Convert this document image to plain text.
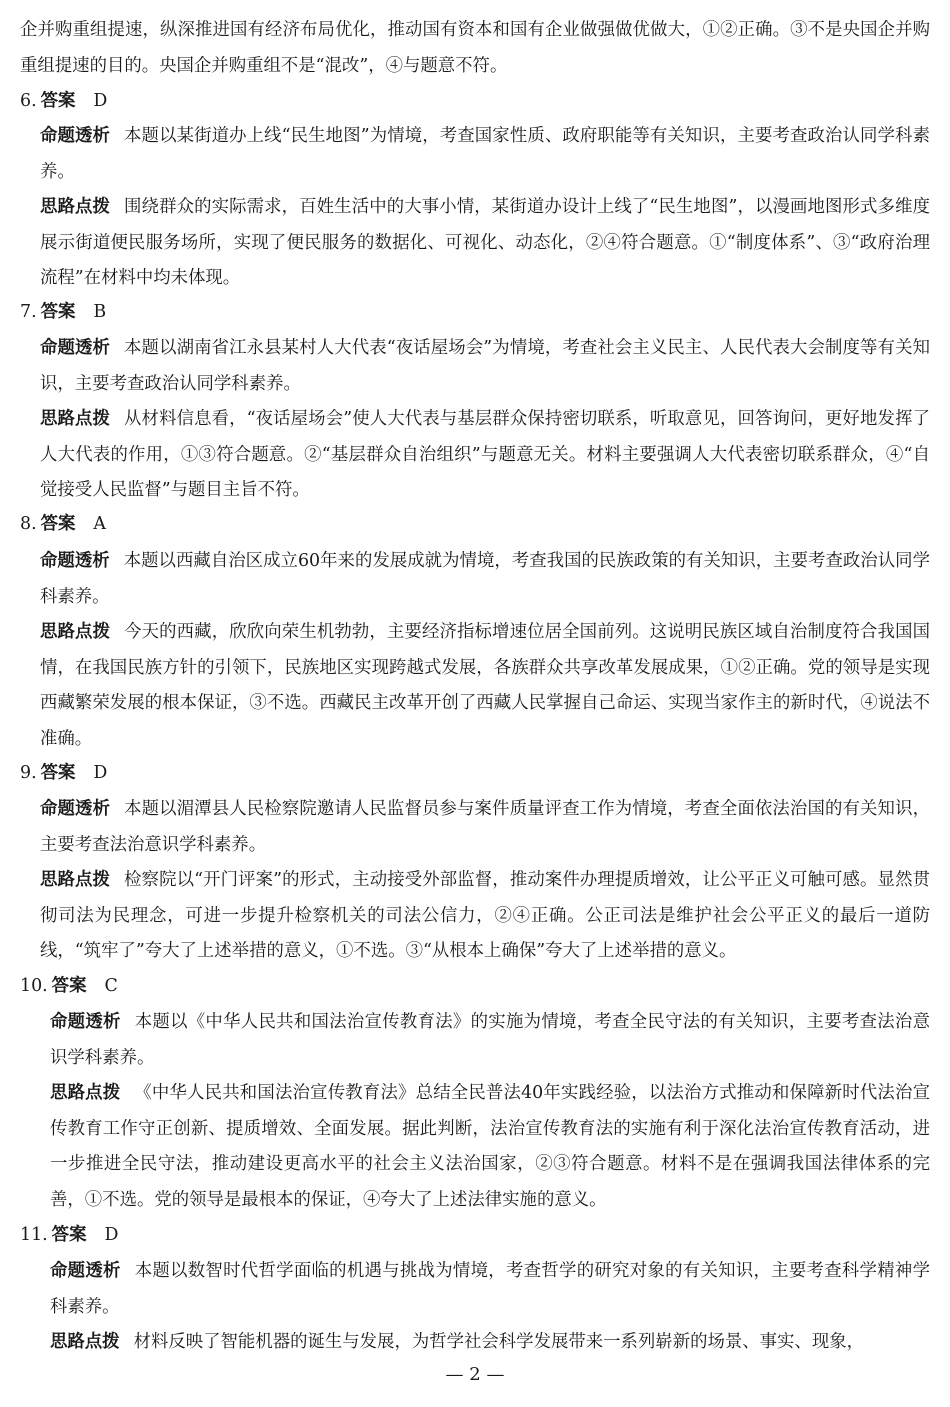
企并购重组提速，纵深推进国有经济布局优化，推动国有资本和国有企业做强做优做大，①②正确。③不是央国企并购重组提速的目的。央国企并购重组不是“混改”，④与题意不符。

6. 答案 D

命题透析 本题以某街道办上线“民生地图”为情境，考查国家性质、政府职能等有关知识，主要考查政治认同学科素养。

思路点拨 围绕群众的实际需求，百姓生活中的大事小情，某街道办设计上线了“民生地图”，以漫画地图形式多维度展示街道便民服务场所，实现了便民服务的数据化、可视化、动态化，②④符合题意。①“制度体系”、③“政府治理流程”在材料中均未体现。

7. 答案 B

命题透析 本题以湖南省江永县某村人大代表“夜话屋场会”为情境，考查社会主义民主、人民代表大会制度等有关知识，主要考查政治认同学科素养。

思路点拨 从材料信息看，“夜话屋场会”使人大代表与基层群众保持密切联系，听取意见，回答询问，更好地发挥了人大代表的作用，①③符合题意。②“基层群众自治组织”与题意无关。材料主要强调人大代表密切联系群众，④“自觉接受人民监督”与题目主旨不符。

8. 答案 A

命题透析 本题以西藏自治区成立60年来的发展成就为情境，考查我国的民族政策的有关知识，主要考查政治认同学科素养。

思路点拨 今天的西藏，欣欣向荣生机勃勃，主要经济指标增速位居全国前列。这说明民族区域自治制度符合我国国情，在我国民族方针的引领下，民族地区实现跨越式发展，各族群众共享改革发展成果，①②正确。党的领导是实现西藏繁荣发展的根本保证，③不选。西藏民主改革开创了西藏人民掌握自己命运、实现当家作主的新时代，④说法不准确。

9. 答案 D

命题透析 本题以湄潭县人民检察院邀请人民监督员参与案件质量评查工作为情境，考查全面依法治国的有关知识，主要考查法治意识学科素养。

思路点拨 检察院以“开门评案”的形式，主动接受外部监督，推动案件办理提质增效，让公平正义可触可感。显然贯彻司法为民理念，可进一步提升检察机关的司法公信力，②④正确。公正司法是维护社会公平正义的最后一道防线，“筑牢了”夸大了上述举措的意义，①不选。③“从根本上确保”夸大了上述举措的意义。

10. 答案 C

命题透析 本题以《中华人民共和国法治宣传教育法》的实施为情境，考查全民守法的有关知识，主要考查法治意识学科素养。

思路点拨 《中华人民共和国法治宣传教育法》总结全民普法40年实践经验，以法治方式推动和保障新时代法治宣传教育工作守正创新、提质增效、全面发展。据此判断，法治宣传教育法的实施有利于深化法治宣传教育活动，进一步推进全民守法，推动建设更高水平的社会主义法治国家，②③符合题意。材料不是在强调我国法律体系的完善，①不选。党的领导是最根本的保证，④夸大了上述法律实施的意义。

11. 答案 D

命题透析 本题以数智时代哲学面临的机遇与挑战为情境，考查哲学的研究对象的有关知识，主要考查科学精神学科素养。

思路点拨 材料反映了智能机器的诞生与发展，为哲学社会科学发展带来一系列崭新的场景、事实、现象，

— 2 —
